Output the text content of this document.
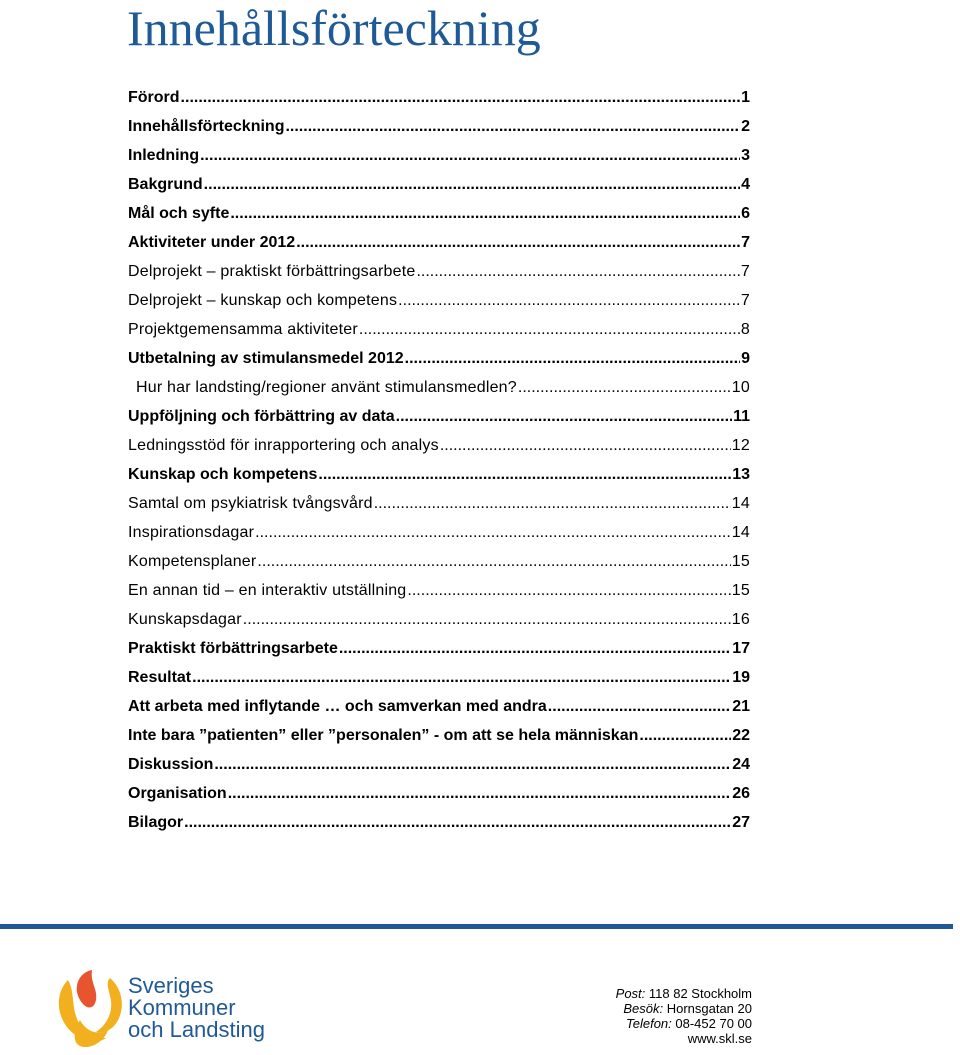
Innehållsförteckning
Förord .....	1
Innehållsförteckning .....	2
Inledning .....	3
Bakgrund .....	4
Mål och syfte .....	6
Aktiviteter under 2012 .....	7
Delprojekt – praktiskt förbättringsarbete .....	7
Delprojekt – kunskap och kompetens .....	7
Projektgemensamma aktiviteter .....	8
Utbetalning av stimulansmedel 2012 .....	9
Hur har landsting/regioner använt stimulansmedlen? .....	10
Uppföljning och förbättring av data .....	11
Ledningsstöd för inrapportering och analys .....	12
Kunskap och kompetens .....	13
Samtal om psykiatrisk tvångsvård .....	14
Inspirationsdagar .....	14
Kompetensplaner .....	15
En annan tid – en interaktiv utställning .....	15
Kunskapsdagar .....	16
Praktiskt förbättringsarbete .....	17
Resultat .....	19
Att arbeta med inflytande … och samverkan med andra .....	21
Inte bara ”patienten” eller ”personalen” - om att se hela människan .....	22
Diskussion .....	24
Organisation .....	26
Bilagor .....	27
Sveriges
Kommuner
och Landsting
Post: 118 82 Stockholm
Besök: Hornsgatan 20
Telefon: 08-452 70 00
www.skl.se
